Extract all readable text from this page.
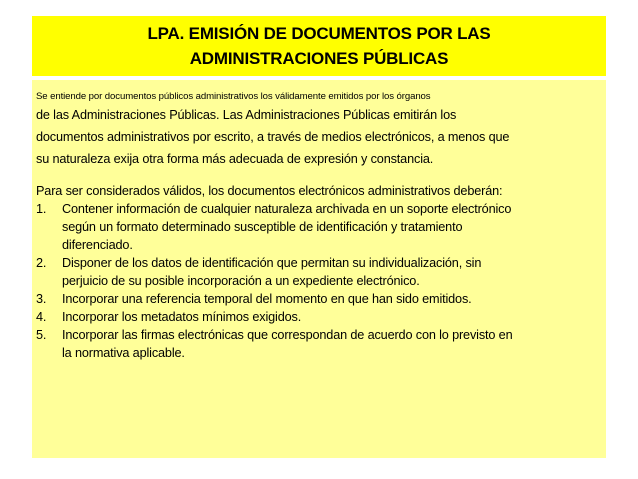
LPA. EMISIÓN DE DOCUMENTOS POR LAS
ADMINISTRACIONES PÚBLICAS
Se entiende por documentos públicos administrativos los válidamente emitidos por los órganos
de las Administraciones Públicas. Las Administraciones Públicas emitirán los
documentos administrativos por escrito, a través de medios electrónicos, a menos que
su naturaleza exija otra forma más adecuada de expresión y constancia.
Para ser considerados válidos, los documentos electrónicos administrativos deberán:
1. Contener información de cualquier naturaleza archivada en un soporte electrónico
según un formato determinado susceptible de identificación y tratamiento
diferenciado.
2. Disponer de los datos de identificación que permitan su individualización, sin
perjuicio de su posible incorporación a un expediente electrónico.
3. Incorporar una referencia temporal del momento en que han sido emitidos.
4. Incorporar los metadatos mínimos exigidos.
5. Incorporar las firmas electrónicas que correspondan de acuerdo con lo previsto en
la normativa aplicable.
